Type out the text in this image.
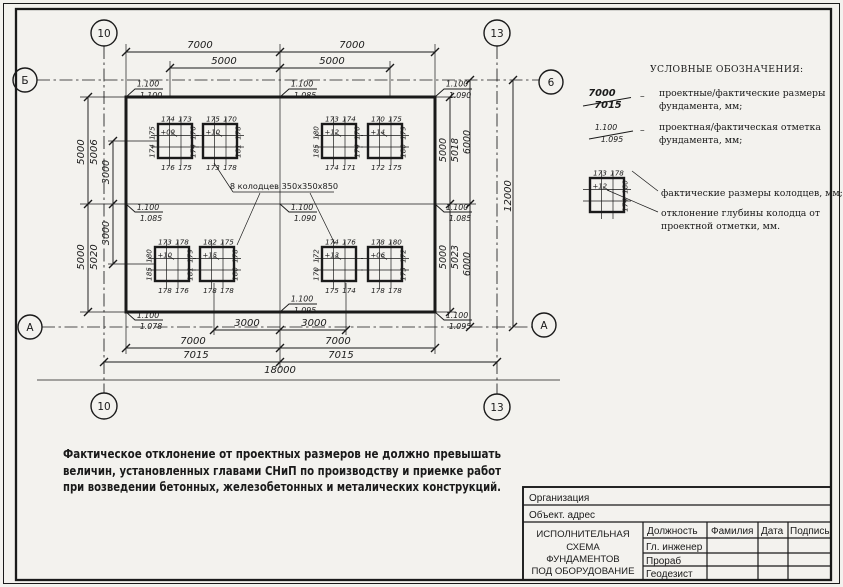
10	13
10	13
Б	6
А	А
7000	7000
5000	5000
5000 5006
3000
5000 5020
3000
5000 5018 6000
5000 5023 6000
12000
3000	3000
7000
7015
7000
7015
18000
8 колодцев 350х350х850
УСЛОВНЫЕ ОБОЗНАЧЕНИЯ:
7000
7015
– проектные/фактические размеры
фундамента, мм;
1.100
1.095
– проектная/фактическая отметка
фундамента, мм;
фактические размеры колодцев, мм;
отклонение глубины колодца от
проектной отметки, мм.
Фактическое отклонение от проектных размеров не должно превышать
величин, установленных главами СНиП по производству и приемке работ
при возведении бетонных, железобетонных и металических конструкций.
Организация
Объект. адрес
ИСПОЛНИТЕЛЬНАЯ
СХЕМА
ФУНДАМЕНТОВ
ПОД ОБОРУДОВАНИЕ
Должность Фамилия Дата Подпись
Гл. инженер
Прораб
Геодезист
1.100
1.100
1.100
1.085
1.100
1.090
1.100
1.085
1.100
1.090
1.100
1.085
1.100
1.078
1.100
1.095
1.100
1.095
174 173
176 175
175
174
176
174
+09
175 170
173 178
178
181
+10
173 174
174 171
180
185
170
174
+12
170 175
172 175
179
180
+14
173 178
178 176
180
185
179
181
+10
182 175
178 178
178
180
+15
174 176
175 174
172
170
+13
178 180
178 178
172
173
+06
173 178
180
174
+12
